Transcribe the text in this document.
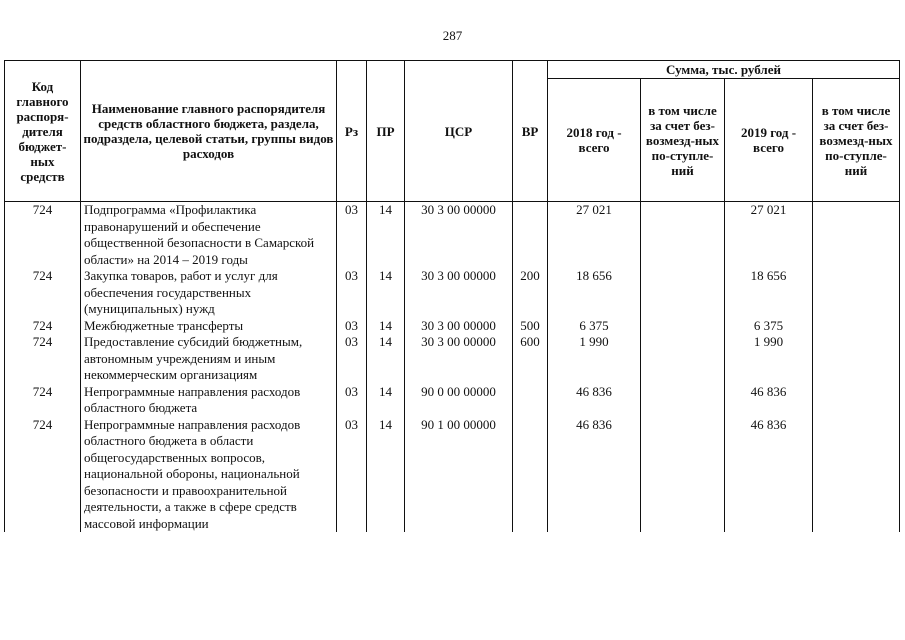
287
Код главного распоря-дителя бюджет-ных средств	Наименование главного распорядителя средств областного бюджета, раздела, подраздела, целевой статьи, группы видов расходов	Рз	ПР	ЦСР	ВР	Сумма, тыс. рублей			
						2018 год - всего	в том числе за счет без-возмезд-ных по-ступле-ний	2019 год - всего	в том числе за счет без-возмезд-ных по-ступле-ний
724	Подпрограмма «Профилактика правонарушений и обеспечение общественной безопасности в Самарской области» на 2014 – 2019 годы	03	14	30 3 00 00000		27 021		27 021	
724	Закупка товаров, работ и услуг для обеспечения государственных (муниципальных) нужд	03	14	30 3 00 00000	200	18 656		18 656	
724	Межбюджетные трансферты	03	14	30 3 00 00000	500	6 375		6 375	
724	Предоставление субсидий бюджетным, автономным учреждениям и иным некоммерческим организациям	03	14	30 3 00 00000	600	1 990		1 990	
724	Непрограммные направления расходов областного бюджета	03	14	90 0 00 00000		46 836		46 836	
724	Непрограммные направления расходов областного бюджета в области общегосударственных вопросов, национальной обороны, национальной безопасности и правоохранительной деятельности, а также в сфере средств массовой информации	03	14	90 1 00 00000		46 836		46 836	
